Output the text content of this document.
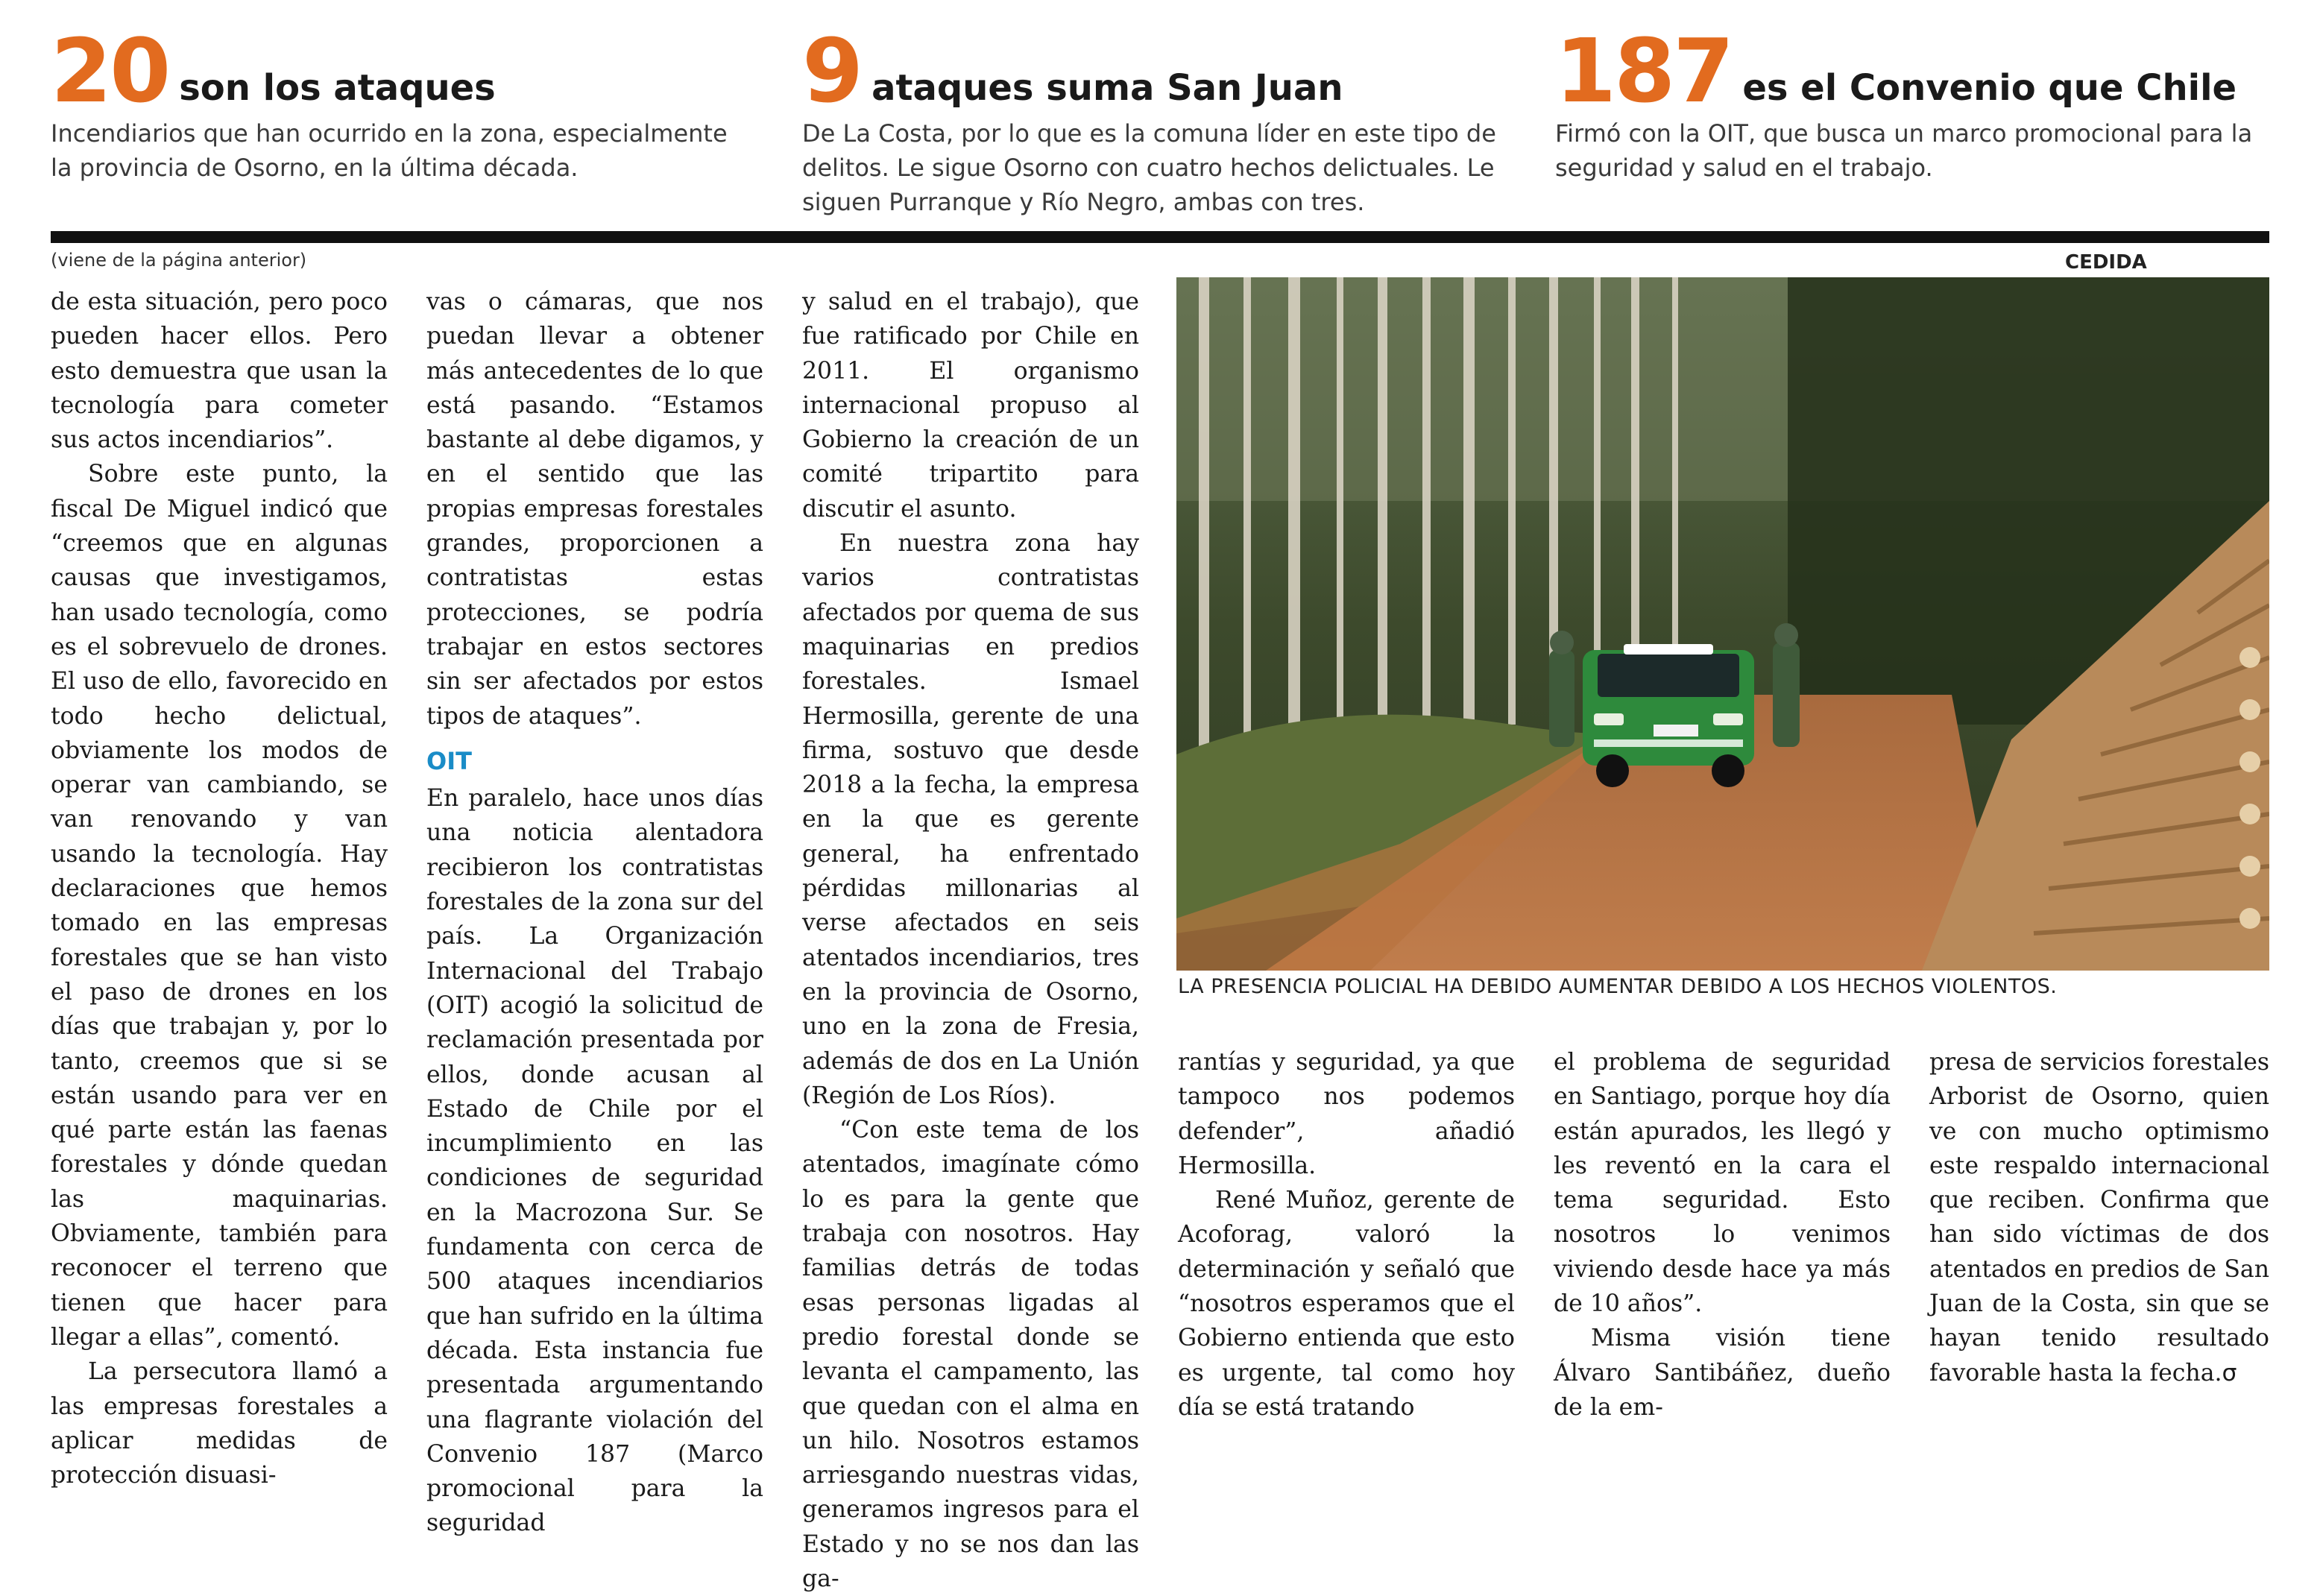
20 son los ataques
Incendiarios que han ocurrido en la zona, especialmente la provincia de Osorno, en la última década.
9 ataques suma San Juan
De La Costa, por lo que es la comuna líder en este tipo de delitos. Le sigue Osorno con cuatro hechos delictuales. Le siguen Purranque y Río Negro, ambas con tres.
187 es el Convenio que Chile
Firmó con la OIT, que busca un marco promocional para la seguridad y salud en el trabajo.
(viene de la página anterior)	CEDIDA

de esta situación, pero poco pueden hacer ellos. Pero esto demuestra que usan la tecnología para cometer sus actos incendiarios”.

Sobre este punto, la fiscal De Miguel indicó que “creemos que en algunas causas que investigamos, han usado tecnología, como es el sobrevuelo de drones. El uso de ello, favorecido en todo hecho delictual, obviamente los modos de operar van cambiando, se van renovando y van usando la tecnología. Hay declaraciones que hemos tomado en las empresas forestales que se han visto el paso de drones en los días que trabajan y, por lo tanto, creemos que si se están usando para ver en qué parte están las faenas forestales y dónde quedan las maquinarias. Obviamente, también para reconocer el terreno que tienen que hacer para llegar a ellas”, comentó.

La persecutora llamó a las empresas forestales a aplicar medidas de protección disuasi-

vas o cámaras, que nos puedan llevar a obtener más antecedentes de lo que está pasando. “Estamos bastante al debe digamos, y en el sentido que las propias empresas forestales grandes, proporcionen a contratistas estas protecciones, se podría trabajar en estos sectores sin ser afectados por estos tipos de ataques”.

OIT

En paralelo, hace unos días una noticia alentadora recibieron los contratistas forestales de la zona sur del país. La Organización Internacional del Trabajo (OIT) acogió la solicitud de reclamación presentada por ellos, donde acusan al Estado de Chile por el incumplimiento en las condiciones de seguridad en la Macrozona Sur. Se fundamenta con cerca de 500 ataques incendiarios que han sufrido en la última década. Esta instancia fue presentada argumentando una flagrante violación del Convenio 187 (Marco promocional para la seguridad

y salud en el trabajo), que fue ratificado por Chile en 2011. El organismo internacional propuso al Gobierno la creación de un comité tripartito para discutir el asunto.

En nuestra zona hay varios contratistas afectados por quema de sus maquinarias en predios forestales. Ismael Hermosilla, gerente de una firma, sostuvo que desde 2018 a la fecha, la empresa en la que es gerente general, ha enfrentado pérdidas millonarias al verse afectados en seis atentados incendiarios, tres en la provincia de Osorno, uno en la zona de Fresia, además de dos en La Unión (Región de Los Ríos).

“Con este tema de los atentados, imagínate cómo lo es para la gente que trabaja con nosotros. Hay familias detrás de todas esas personas ligadas al predio forestal donde se levanta el campamento, las que quedan con el alma en un hilo. Nosotros estamos arriesgando nuestras vidas, generamos ingresos para el Estado y no se nos dan las ga-

LA PRESENCIA POLICIAL HA DEBIDO AUMENTAR DEBIDO A LOS HECHOS VIOLENTOS.

rantías y seguridad, ya que tampoco nos podemos defender”, añadió Hermosilla.

René Muñoz, gerente de Acoforag, valoró la determinación y señaló que “nosotros esperamos que el Gobierno entienda que esto es urgente, tal como hoy día se está tratando

el problema de seguridad en Santiago, porque hoy día están apurados, les llegó y les reventó en la cara el tema seguridad. Esto nosotros lo venimos viviendo desde hace ya más de 10 años”.

Misma visión tiene Álvaro Santibáñez, dueño de la em-

presa de servicios forestales Arborist de Osorno, quien ve con mucho optimismo este respaldo internacional que reciben. Confirma que han sido víctimas de dos atentados en predios de San Juan de la Costa, sin que se hayan tenido resultado favorable hasta la fecha.σ
